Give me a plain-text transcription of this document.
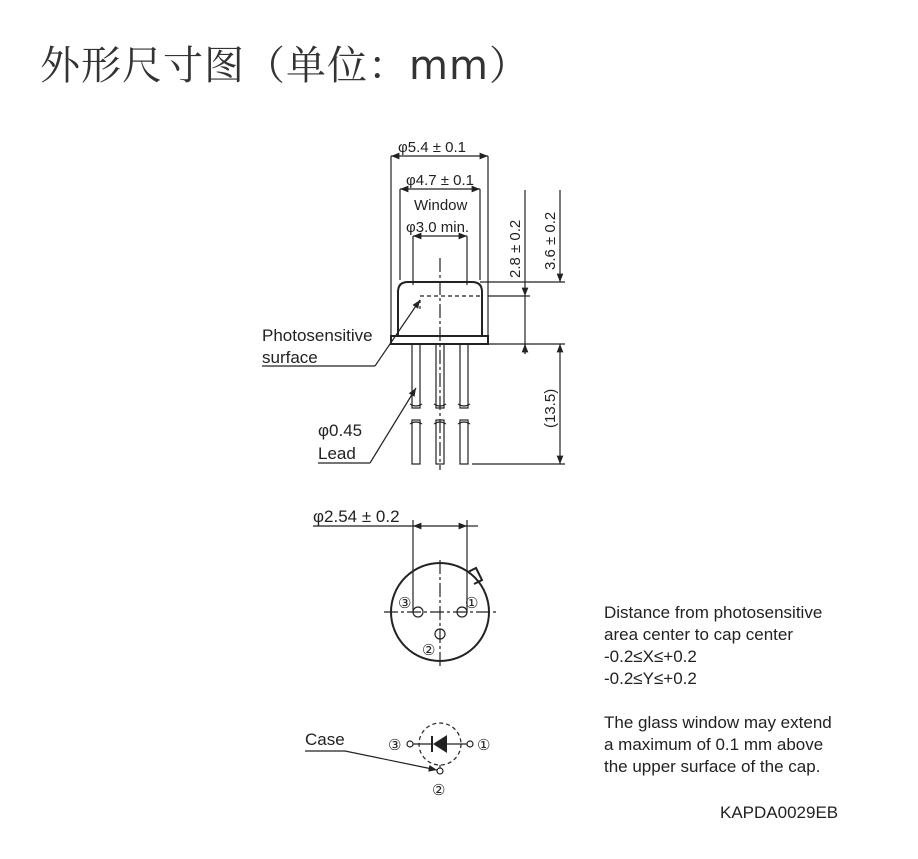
外形尺寸图（单位：mm）
φ5.4 ± 0.1
φ4.7 ± 0.1
Window
φ3.0 min.	2.8 ± 0.2 3.6 ± 0.2
(13.5)
Photosensitive
surface
φ0.45
Lead
φ2.54 ± 0.2
③	①
②
Case	③	①
②
Distance from photosensitive
area center to cap center
-0.2≤X≤+0.2
-0.2≤Y≤+0.2
The glass window may extend
a maximum of 0.1 mm above
the upper surface of the cap.
KAPDA0029EB
